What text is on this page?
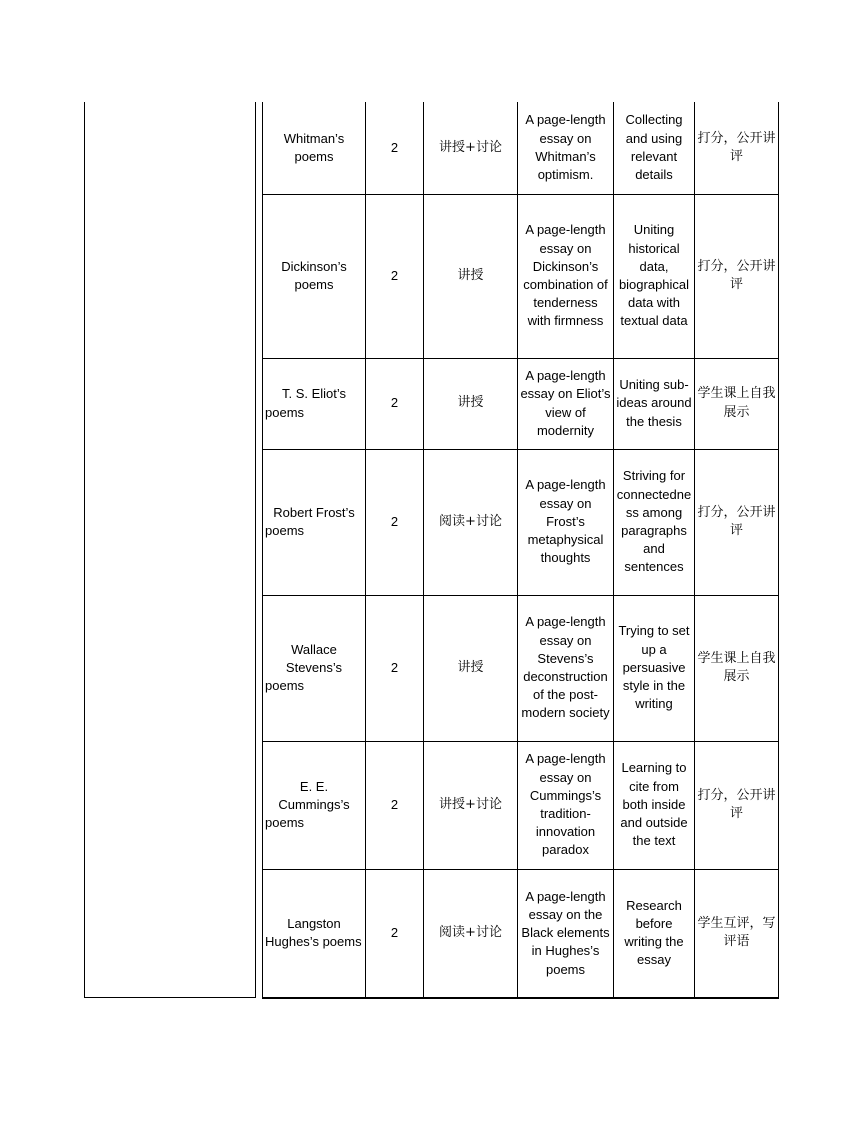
Whitman’s poems	2	讲授+讨论	A page-length essay on Whitman’s optimism.	Collecting and using relevant details	打分，公开讲评
Dickinson’s poems	2	讲授	A page-length essay on Dickinson’s combination of tenderness with firmness	Uniting historical data, biographical data with textual data	打分，公开讲评
T. S. Eliot’s poems	2	讲授	A page-length essay on Eliot’s view of modernity	Uniting sub-ideas around the thesis	学生课上自我展示
Robert Frost’s poems	2	阅读+讨论	A page-length essay on Frost’s metaphysical thoughts	Striving for connectedness among paragraphs and sentences	打分，公开讲评
Wallace Stevens’s poems	2	讲授	A page-length essay on Stevens’s deconstruction of the post-modern society	Trying to set up a persuasive style in the writing	学生课上自我展示
E. E. Cummings’s poems	2	讲授+讨论	A page-length essay on Cummings’s tradition-innovation paradox	Learning to cite from both inside and outside the text	打分，公开讲评
Langston Hughes’s poems	2	阅读+讨论	A page-length essay on the Black elements in Hughes’s poems	Research before writing the essay	学生互评，写评语
